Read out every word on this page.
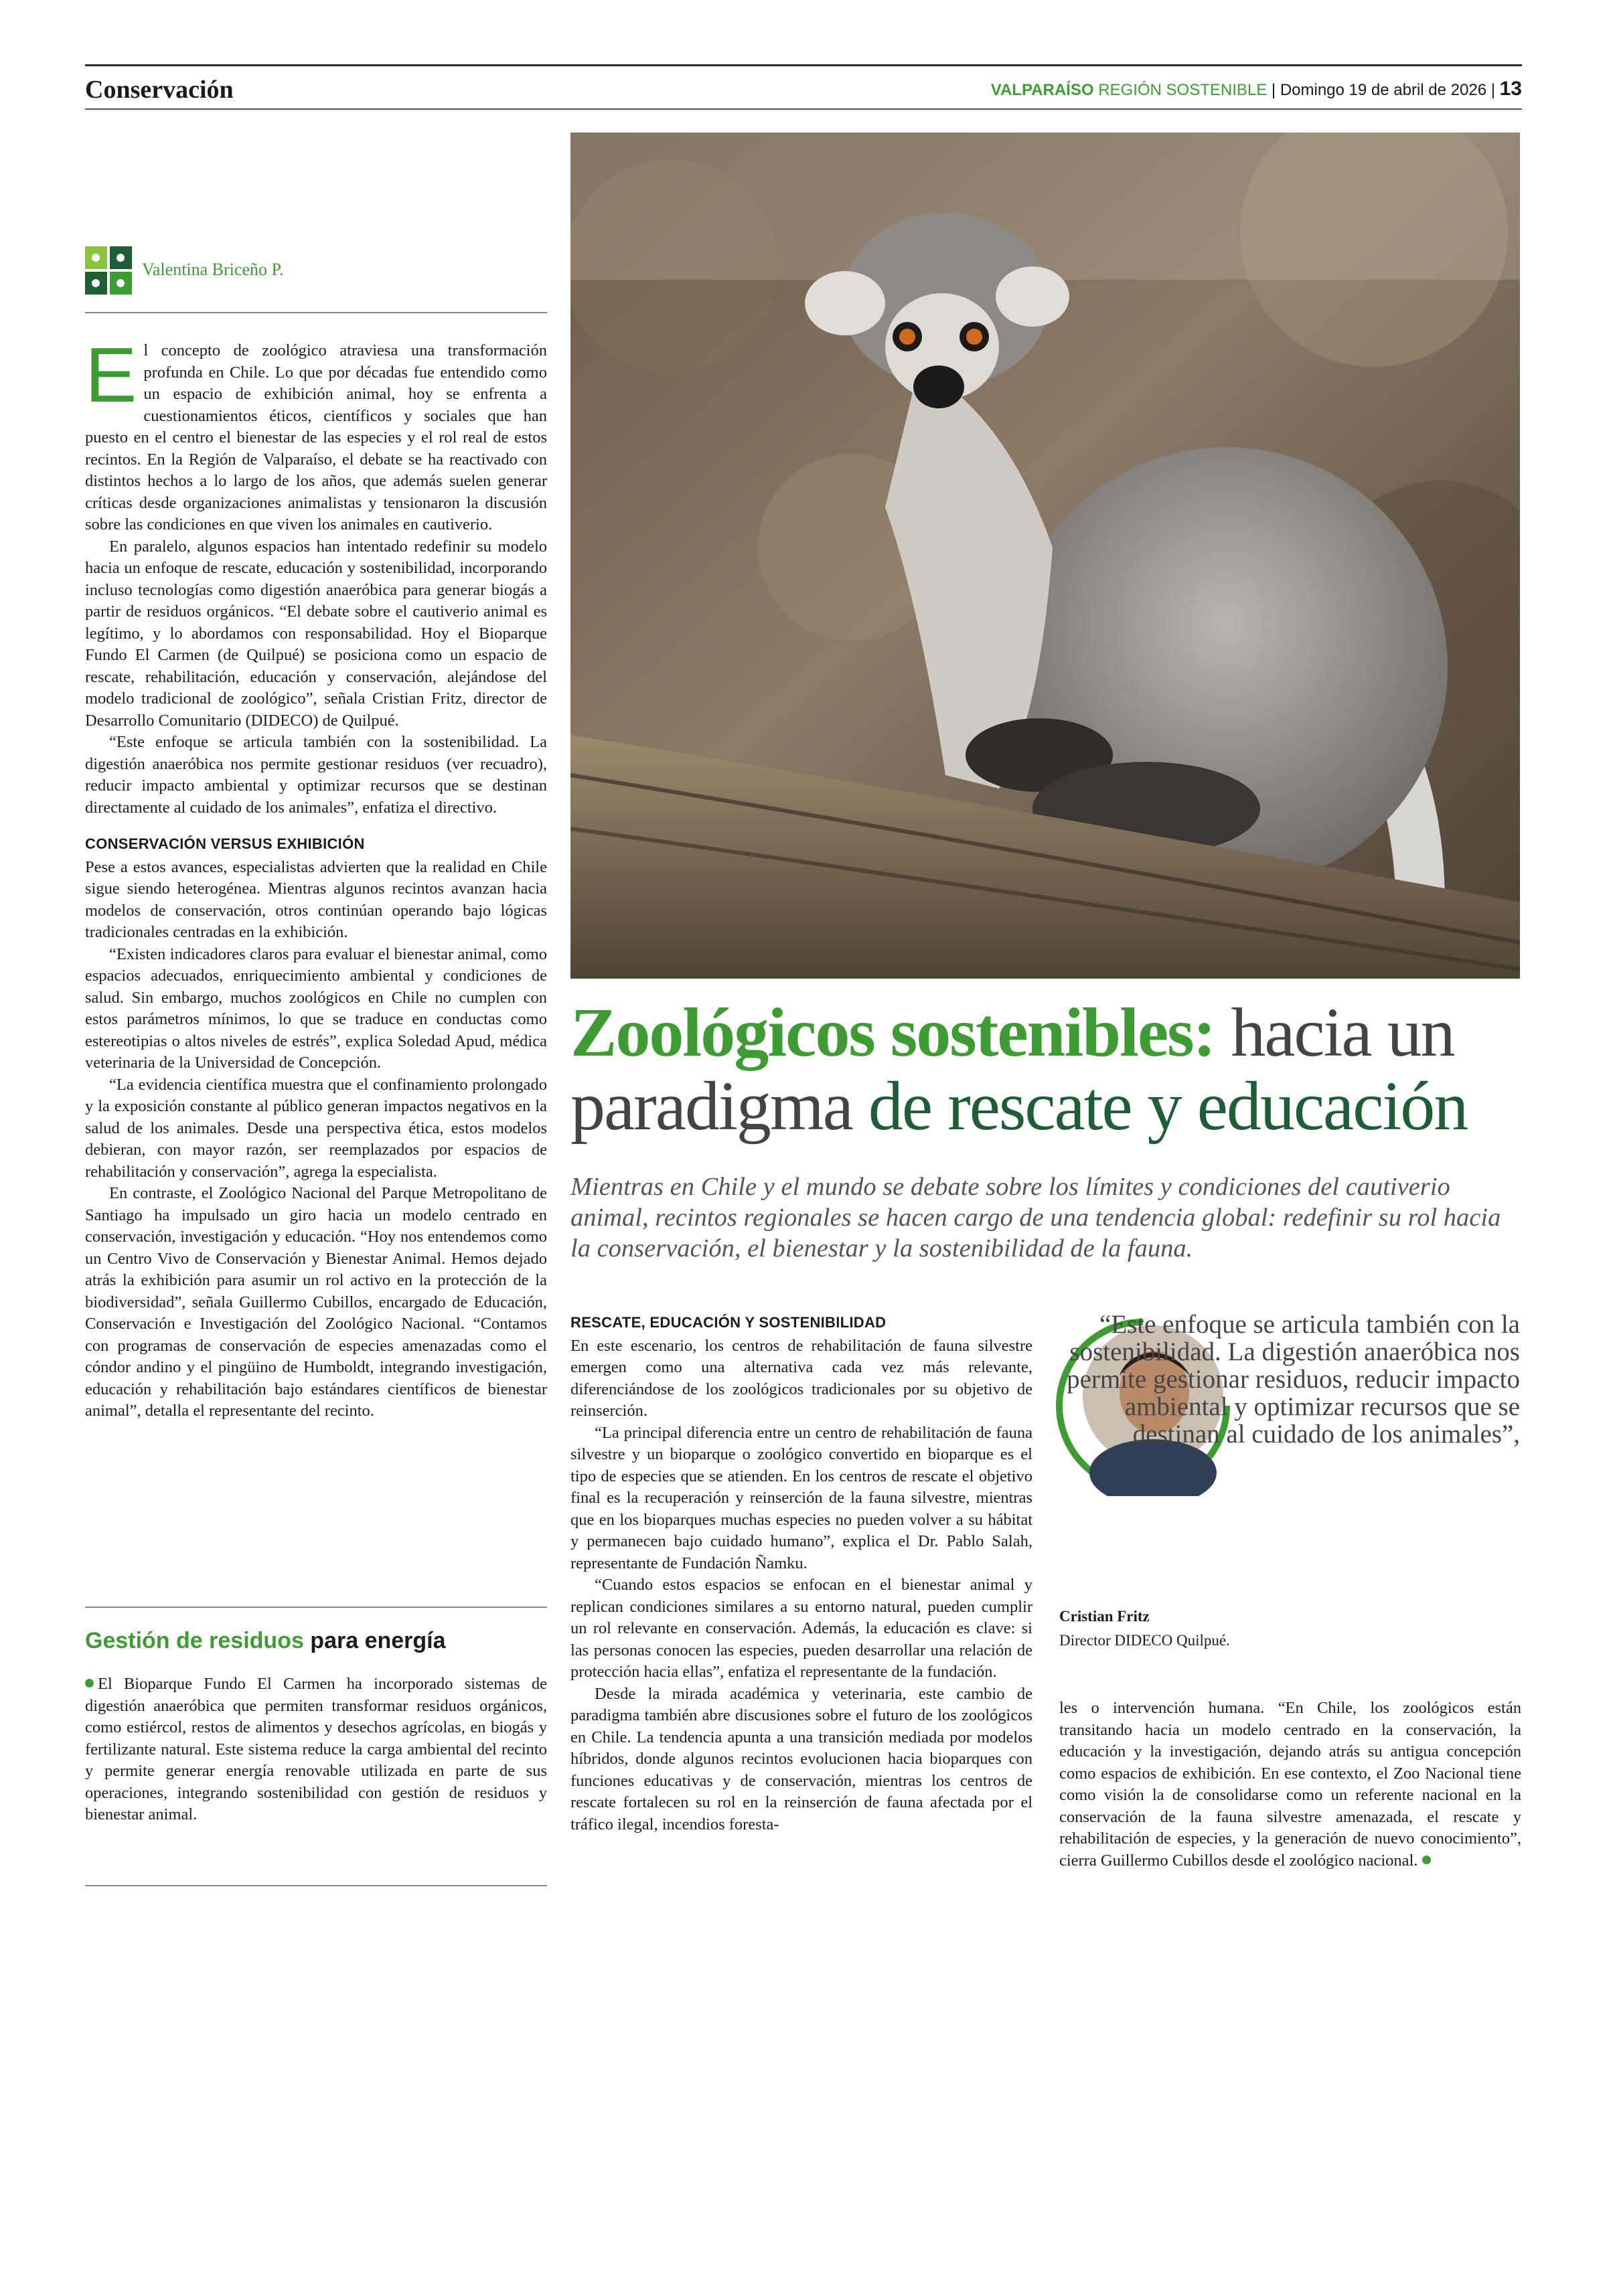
Conservación	VALPARAÍSO REGIÓN SOSTENIBLE | Domingo 19 de abril de 2026 | 13
Valentina Briceño P.

El concepto de zoológico atraviesa una transformación profunda en Chile. Lo que por décadas fue entendido como un espacio de exhibición animal, hoy se enfrenta a cuestionamientos éticos, científicos y sociales que han puesto en el centro el bienestar de las especies y el rol real de estos recintos. En la Región de Valparaíso, el debate se ha reactivado con distintos hechos a lo largo de los años, que además suelen generar críticas desde organizaciones animalistas y tensionaron la discusión sobre las condiciones en que viven los animales en cautiverio.

En paralelo, algunos espacios han intentado redefinir su modelo hacia un enfoque de rescate, educación y sostenibilidad, incorporando incluso tecnologías como digestión anaeróbica para generar biogás a partir de residuos orgánicos. “El debate sobre el cautiverio animal es legítimo, y lo abordamos con responsabilidad. Hoy el Bioparque Fundo El Carmen (de Quilpué) se posiciona como un espacio de rescate, rehabilitación, educación y conservación, alejándose del modelo tradicional de zoológico”, señala Cristian Fritz, director de Desarrollo Comunitario (DIDECO) de Quilpué.

“Este enfoque se articula también con la sostenibilidad. La digestión anaeróbica nos permite gestionar residuos (ver recuadro), reducir impacto ambiental y optimizar recursos que se destinan directamente al cuidado de los animales”, enfatiza el directivo.

CONSERVACIÓN VERSUS EXHIBICIÓN

Pese a estos avances, especialistas advierten que la realidad en Chile sigue siendo heterogénea. Mientras algunos recintos avanzan hacia modelos de conservación, otros continúan operando bajo lógicas tradicionales centradas en la exhibición.

“Existen indicadores claros para evaluar el bienestar animal, como espacios adecuados, enriquecimiento ambiental y condiciones de salud. Sin embargo, muchos zoológicos en Chile no cumplen con estos parámetros mínimos, lo que se traduce en conductas como estereotipias o altos niveles de estrés”, explica Soledad Apud, médica veterinaria de la Universidad de Concepción.

“La evidencia científica muestra que el confinamiento prolongado y la exposición constante al público generan impactos negativos en la salud de los animales. Desde una perspectiva ética, estos modelos debieran, con mayor razón, ser reemplazados por espacios de rehabilitación y conservación”, agrega la especialista.

En contraste, el Zoológico Nacional del Parque Metropolitano de Santiago ha impulsado un giro hacia un modelo centrado en conservación, investigación y educación. “Hoy nos entendemos como un Centro Vivo de Conservación y Bienestar Animal. Hemos dejado atrás la exhibición para asumir un rol activo en la protección de la biodiversidad”, señala Guillermo Cubillos, encargado de Educación, Conservación e Investigación del Zoológico Nacional. “Contamos con programas de conservación de especies amenazadas como el cóndor andino y el pingüino de Humboldt, integrando investigación, educación y rehabilitación bajo estándares científicos de bienestar animal”, detalla el representante del recinto.

Gestión de residuos para energía

El Bioparque Fundo El Carmen ha incorporado sistemas de digestión anaeróbica que permiten transformar residuos orgánicos, como estiércol, restos de alimentos y desechos agrícolas, en biogás y fertilizante natural. Este sistema reduce la carga ambiental del recinto y permite generar energía renovable utilizada en parte de sus operaciones, integrando sostenibilidad con gestión de residuos y bienestar animal.

Zoológicos sostenibles: hacia un paradigma de rescate y educación
Mientras en Chile y el mundo se debate sobre los límites y condiciones del cautiverio animal, recintos regionales se hacen cargo de una tendencia global: redefinir su rol hacia la conservación, el bienestar y la sostenibilidad de la fauna.
RESCATE, EDUCACIÓN Y SOSTENIBILIDAD

En este escenario, los centros de rehabilitación de fauna silvestre emergen como una alternativa cada vez más relevante, diferenciándose de los zoológicos tradicionales por su objetivo de reinserción.

“La principal diferencia entre un centro de rehabilitación de fauna silvestre y un bioparque o zoológico convertido en bioparque es el tipo de especies que se atienden. En los centros de rescate el objetivo final es la recuperación y reinserción de la fauna silvestre, mientras que en los bioparques muchas especies no pueden volver a su hábitat y permanecen bajo cuidado humano”, explica el Dr. Pablo Salah, representante de Fundación Ñamku.

“Cuando estos espacios se enfocan en el bienestar animal y replican condiciones similares a su entorno natural, pueden cumplir un rol relevante en conservación. Además, la educación es clave: si las personas conocen las especies, pueden desarrollar una relación de protección hacia ellas”, enfatiza el representante de la fundación.

Desde la mirada académica y veterinaria, este cambio de paradigma también abre discusiones sobre el futuro de los zoológicos en Chile. La tendencia apunta a una transición mediada por modelos híbridos, donde algunos recintos evolucionen hacia bioparques con funciones educativas y de conservación, mientras los centros de rescate fortalecen su rol en la reinserción de fauna afectada por el tráfico ilegal, incendios foresta-

“Este enfoque se articula también con la sostenibilidad. La digestión anaeróbica nos permite gestionar residuos, reducir impacto ambiental y optimizar recursos que se destinan al cuidado de los animales”,
Cristian Fritz
Director DIDECO Quilpué.

les o intervención humana. “En Chile, los zoológicos están transitando hacia un modelo centrado en la conservación, la educación y la investigación, dejando atrás su antigua concepción como espacios de exhibición. En ese contexto, el Zoo Nacional tiene como visión la de consolidarse como un referente nacional en la conservación de la fauna silvestre amenazada, el rescate y rehabilitación de especies, y la generación de nuevo conocimiento”, cierra Guillermo Cubillos desde el zoológico nacional.
